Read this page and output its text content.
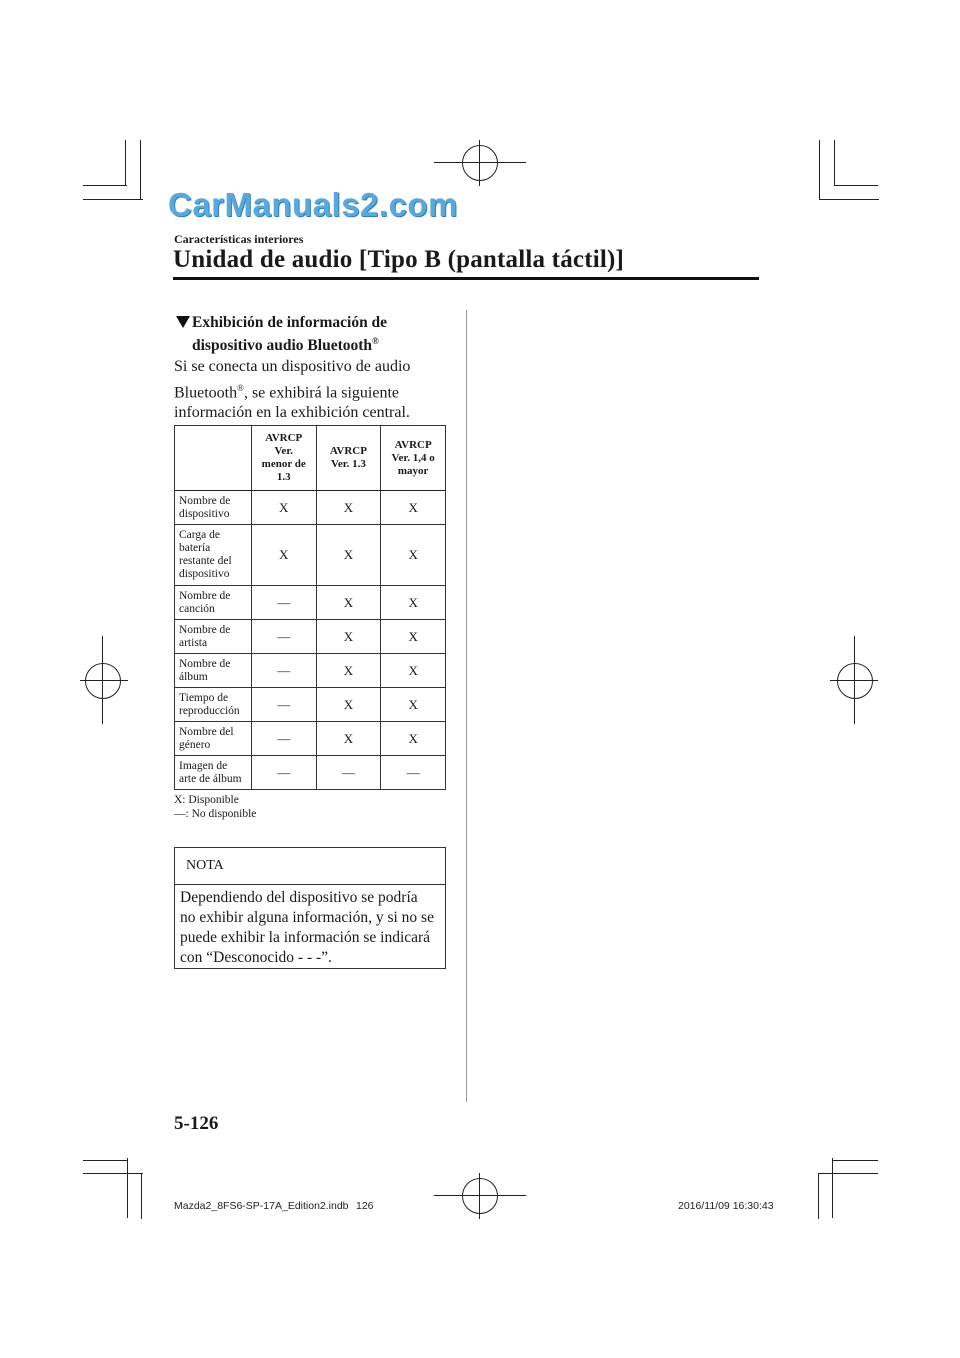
CarManuals2.com
Características interiores
Unidad de audio [Tipo B (pantalla táctil)]
Exhibición de información de
dispositivo audio Bluetooth®
Si se conecta un dispositivo de audio
Bluetooth®, se exhibirá la siguiente
información en la exhibición central.

	AVRCP
Ver.
menor de
1.3	AVRCP
Ver. 1.3	AVRCP
Ver. 1,4 o
mayor

Nombre de
dispositivo	X	X	X

Carga de
batería
restante del
dispositivo	X	X	X

Nombre de
canción	—	X	X

Nombre de
artista	—	X	X

Nombre de
álbum	—	X	X

Tiempo de
reproducción	—	X	X

Nombre del
género	—	X	X

Imagen de
arte de álbum	—	—	—
X: Disponible
—: No disponible
NOTA
Dependiendo del dispositivo se podría
no exhibir alguna información, y si no se
puede exhibir la información se indicará
con “Desconocido - - -”.
5-126
Mazda2_8FS6-SP-17A_Edition2.indb 126	2016/11/09 16:30:43
